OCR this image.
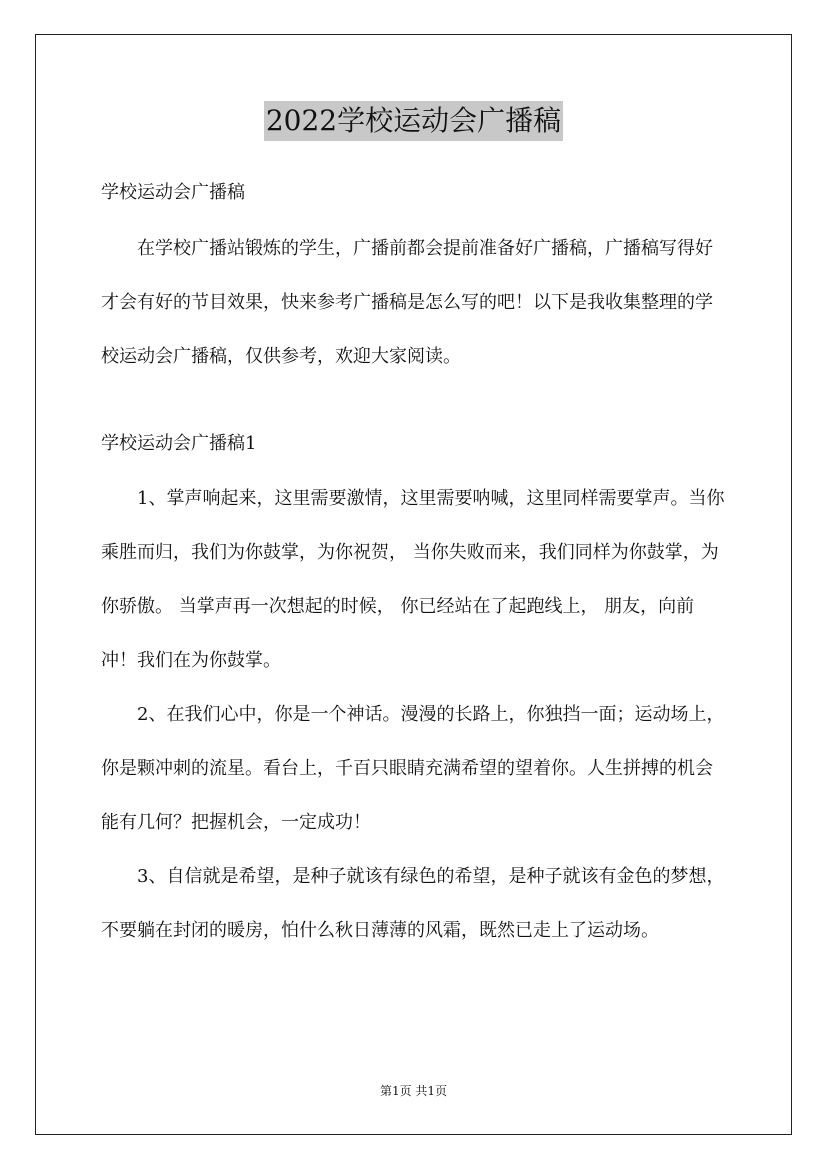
2022学校运动会广播稿

学校运动会广播稿

在学校广播站锻炼的学生，广播前都会提前准备好广播稿，广播稿写得好才会有好的节目效果，快来参考广播稿是怎么写的吧！以下是我收集整理的学校运动会广播稿，仅供参考，欢迎大家阅读。

学校运动会广播稿1

1、掌声响起来，这里需要激情，这里需要呐喊，这里同样需要掌声。当你乘胜而归，我们为你鼓掌，为你祝贺， 当你失败而来，我们同样为你鼓掌，为你骄傲。 当掌声再一次想起的时候， 你已经站在了起跑线上， 朋友，向前冲！我们在为你鼓掌。

2、在我们心中，你是一个神话。漫漫的长路上，你独挡一面；运动场上，你是颗冲刺的流星。看台上，千百只眼睛充满希望的望着你。人生拼搏的机会能有几何？把握机会，一定成功！

3、自信就是希望，是种子就该有绿色的希望，是种子就该有金色的梦想，不要躺在封闭的暖房，怕什么秋日薄薄的风霜，既然已走上了运动场。

第1页 共1页
